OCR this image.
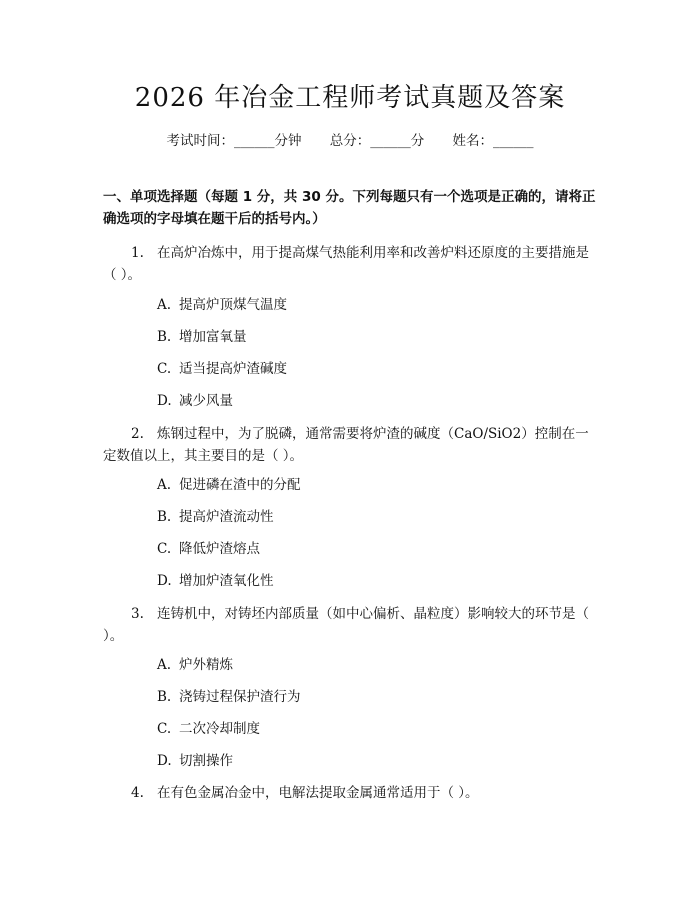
2026 年冶金工程师考试真题及答案
考试时间：______分钟 总分：______分 姓名：______
一、单项选择题（每题 1 分，共 30 分。下列每题只有一个选项是正确的，请将正确选项的字母填在题干后的括号内。）
1. 在高炉冶炼中，用于提高煤气热能利用率和改善炉料还原度的主要措施是（ ）。
A. 提高炉顶煤气温度
B. 增加富氧量
C. 适当提高炉渣碱度
D. 减少风量
2. 炼钢过程中，为了脱磷，通常需要将炉渣的碱度（CaO/SiO2）控制在一定数值以上，其主要目的是（ ）。
A. 促进磷在渣中的分配
B. 提高炉渣流动性
C. 降低炉渣熔点
D. 增加炉渣氧化性
3. 连铸机中，对铸坯内部质量（如中心偏析、晶粒度）影响较大的环节是（ ）。
A. 炉外精炼
B. 浇铸过程保护渣行为
C. 二次冷却制度
D. 切割操作
4. 在有色金属冶金中，电解法提取金属通常适用于（ ）。
